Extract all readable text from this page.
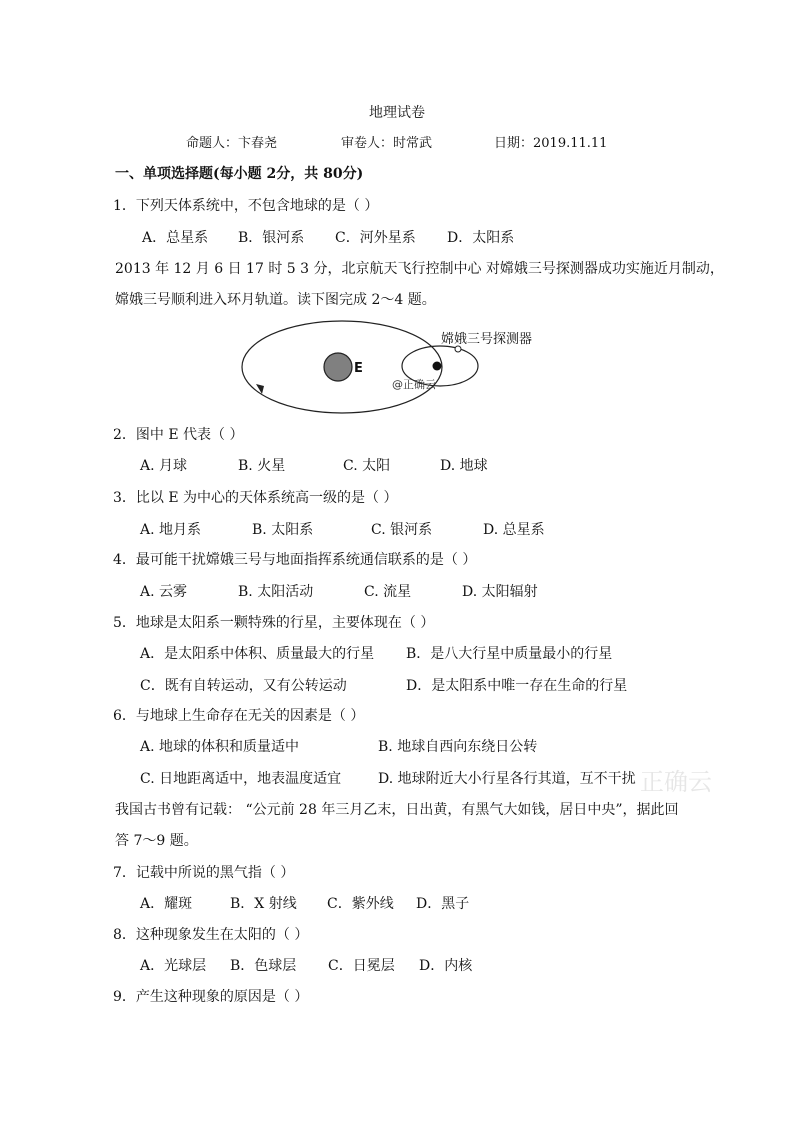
地理试卷
命题人：卞春尧	审卷人：时常武	日期：2019.11.11
一、单项选择题(每小题 2分，共 80分)
1．下列天体系统中，不包含地球的是（ ）
A．总星系 B．银河系 C．河外星系 D．太阳系
2013 年 12 月 6 日 17 时 5 3 分，北京航天飞行控制中心 对嫦娥三号探测器成功实施近月制动，
嫦娥三号顺利进入环月轨道。读下图完成 2～4 题。
E
嫦娥三号探测器
@正确云
2．图中 E 代表（ ）
A. 月球	B. 火星	C. 太阳	D. 地球
3．比以 E 为中心的天体系统高一级的是（ ）
A. 地月系	B. 太阳系	C. 银河系	D. 总星系
4．最可能干扰嫦娥三号与地面指挥系统通信联系的是（ ）
A. 云雾	B. 太阳活动	C. 流星	D. 太阳辐射
5．地球是太阳系一颗特殊的行星，主要体现在（ ）
A．是太阳系中体积、质量最大的行星 B．是八大行星中质量最小的行星
C．既有自转运动，又有公转运动	D．是太阳系中唯一存在生命的行星
6．与地球上生命存在无关的因素是（ ）
A. 地球的体积和质量适中	B. 地球自西向东绕日公转
C. 日地距离适中，地表温度适宜	D. 地球附近大小行星各行其道，互不干扰 正确云
我国古书曾有记载： “公元前 28 年三月乙末，日出黄，有黑气大如钱，居日中央”，据此回
答 7～9 题。
7．记载中所说的黑气指（ ）
A．耀斑	B．X 射线 C．紫外线 D．黑子
8．这种现象发生在太阳的（ ）
A．光球层 B．色球层 C．日冕层 D．内核
9．产生这种现象的原因是（ ）
